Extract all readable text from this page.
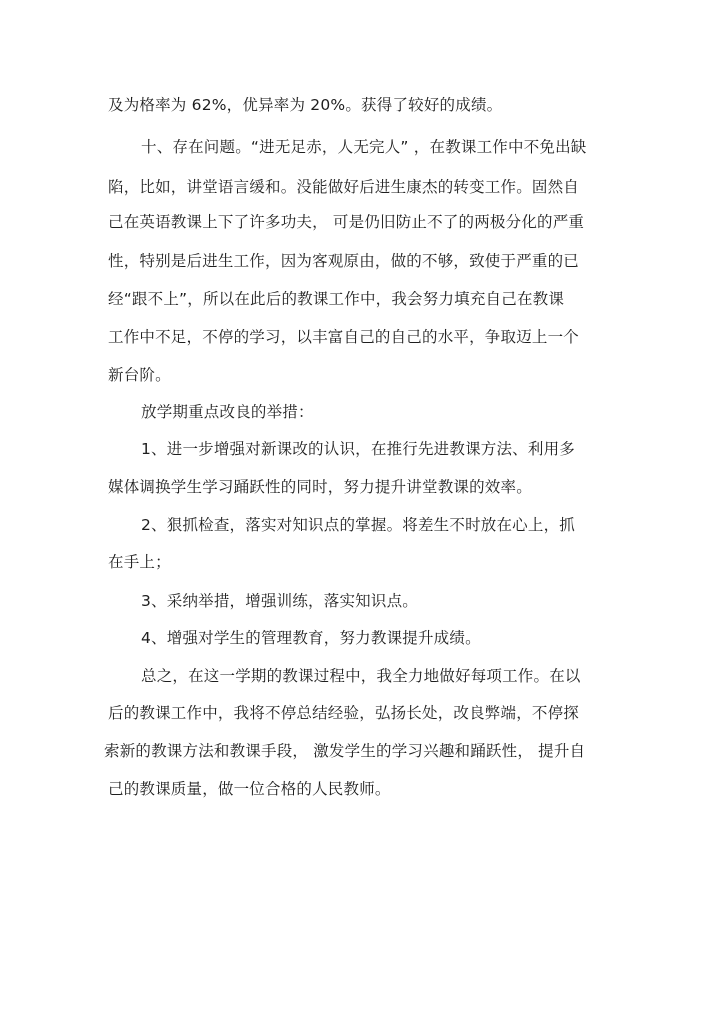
及为格率为 62%，优异率为 20%。获得了较好的成绩。
十、存在问题。“进无足赤，人无完人” ，在教课工作中不免出缺
陷，比如，讲堂语言缓和。没能做好后进生康杰的转变工作。固然自
己在英语教课上下了许多功夫， 可是仍旧防止不了的两极分化的严重
性，特别是后进生工作，因为客观原由，做的不够，致使于严重的已
经“跟不上”，所以在此后的教课工作中，我会努力填充自己在教课
工作中不足，不停的学习，以丰富自己的自己的水平，争取迈上一个
新台阶。
放学期重点改良的举措：
1、进一步增强对新课改的认识，在推行先进教课方法、利用多
媒体调换学生学习踊跃性的同时，努力提升讲堂教课的效率。
2、狠抓检查，落实对知识点的掌握。将差生不时放在心上，抓
在手上；
3、采纳举措，增强训练，落实知识点。
4、增强对学生的管理教育，努力教课提升成绩。
总之，在这一学期的教课过程中，我全力地做好每项工作。在以
后的教课工作中，我将不停总结经验，弘扬长处，改良弊端，不停探
索新的教课方法和教课手段， 激发学生的学习兴趣和踊跃性， 提升自
己的教课质量，做一位合格的人民教师。
